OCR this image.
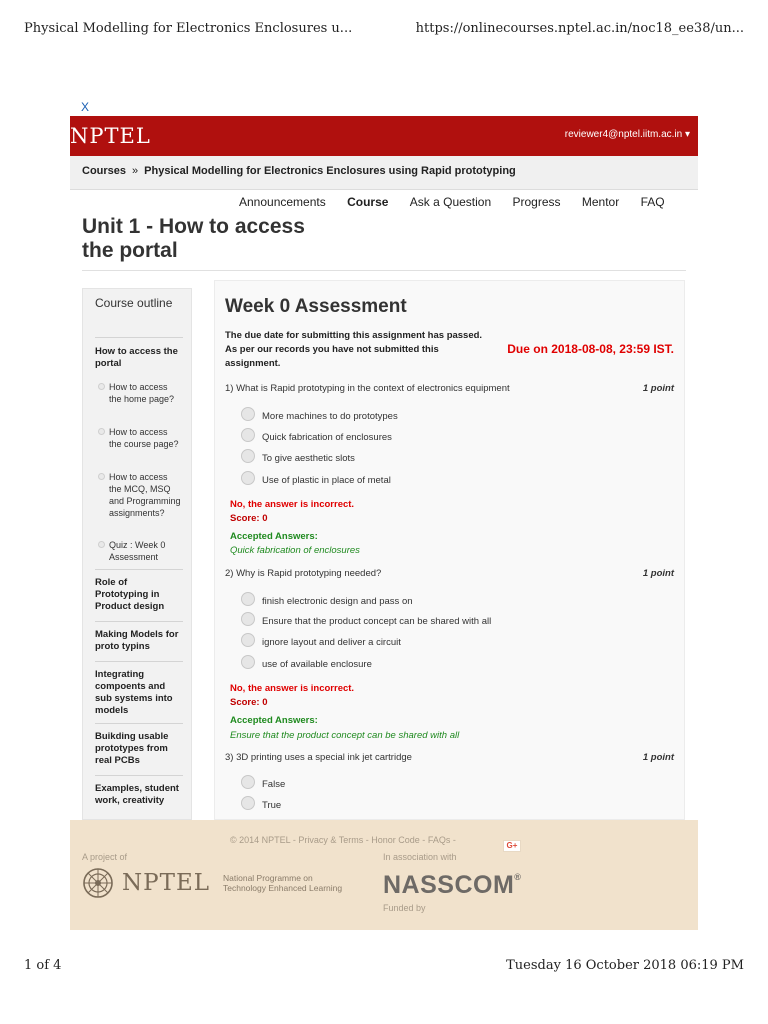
Physical Modelling for Electronics Enclosures u...	https://onlinecourses.nptel.ac.in/noc18_ee38/un...
X
NPTEL	reviewer4@nptel.iitm.ac.in ▾
Courses » Physical Modelling for Electronics Enclosures using Rapid prototyping
Announcements Course Ask a Question Progress Mentor FAQ
Unit 1 - How to access the portal
Course outline
How to access the portal
How to access the home page?
How to access the course page?
How to access the MCQ, MSQ and Programming assignments?
Quiz : Week 0 Assessment
Role of Prototyping in Product design
Making Models for proto typins
Integrating compoents and sub systems into models
Buikding usable prototypes from real PCBs
Examples, student work, creativity
Week 0 Assessment
The due date for submitting this assignment has passed.
As per our records you have not submitted this assignment.
Due on 2018-08-08, 23:59 IST.
1) What is Rapid prototyping in the context of electronics equipment	1 point
More machines to do prototypes
Quick fabrication of enclosures
To give aesthetic slots
Use of plastic in place of metal
No, the answer is incorrect.
Score: 0
Accepted Answers:
Quick fabrication of enclosures
2) Why is Rapid prototyping needed?	1 point
finish electronic design and pass on
Ensure that the product concept can be shared with all
ignore layout and deliver a circuit
use of available enclosure
No, the answer is incorrect.
Score: 0
Accepted Answers:
Ensure that the product concept can be shared with all
3) 3D printing uses a special ink jet cartridge	1 point
False
True
© 2014 NPTEL - Privacy & Terms - Honor Code - FAQs -
G+
A project of
NPTEL National Programme on
Technology Enhanced Learning
In association with
NASSCOM®
Funded by
1 of 4	Tuesday 16 October 2018 06:19 PM
